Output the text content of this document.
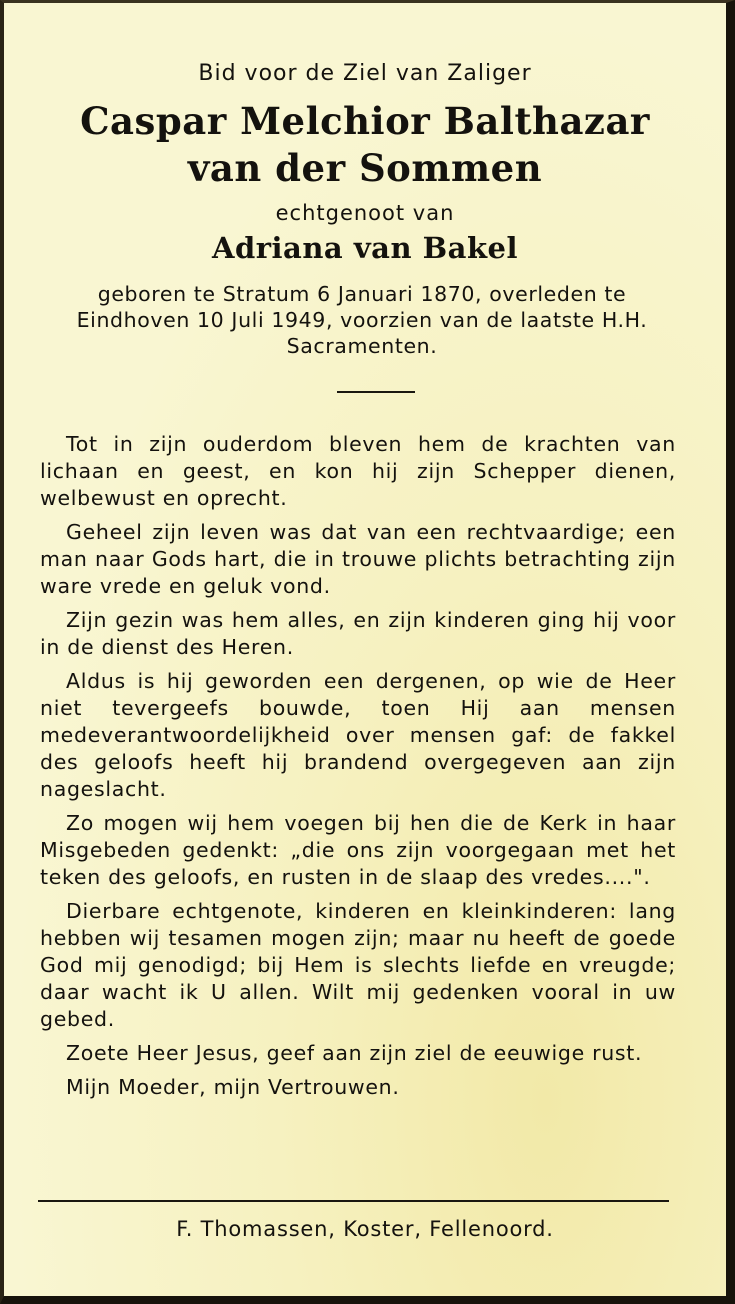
Bid voor de Ziel van Zaliger
Caspar Melchior Balthazar
van der Sommen
echtgenoot van
Adriana van Bakel
geboren te Stratum 6 Januari 1870, overleden te Eindhoven 10 Juli 1949, voorzien van de laatste H.H. Sacramenten.

Tot in zijn ouderdom bleven hem de krachten van lichaan en geest, en kon hij zijn Schepper dienen, welbewust en oprecht.

Geheel zijn leven was dat van een rechtvaardige; een man naar Gods hart, die in trouwe plichts betrachting zijn ware vrede en geluk vond.

Zijn gezin was hem alles, en zijn kinderen ging hij voor in de dienst des Heren.

Aldus is hij geworden een dergenen, op wie de Heer niet tevergeefs bouwde, toen Hij aan mensen medeverantwoordelijkheid over mensen gaf: de fakkel des geloofs heeft hij brandend overgegeven aan zijn nageslacht.

Zo mogen wij hem voegen bij hen die de Kerk in haar Misgebeden gedenkt: „die ons zijn voorgegaan met het teken des geloofs, en rusten in de slaap des vredes....".

Dierbare echtgenote, kinderen en kleinkinderen: lang hebben wij tesamen mogen zijn; maar nu heeft de goede God mij genodigd; bij Hem is slechts liefde en vreugde; daar wacht ik U allen. Wilt mij gedenken vooral in uw gebed.

Zoete Heer Jesus, geef aan zijn ziel de eeuwige rust.

Mijn Moeder, mijn Vertrouwen.

F. Thomassen, Koster, Fellenoord.
